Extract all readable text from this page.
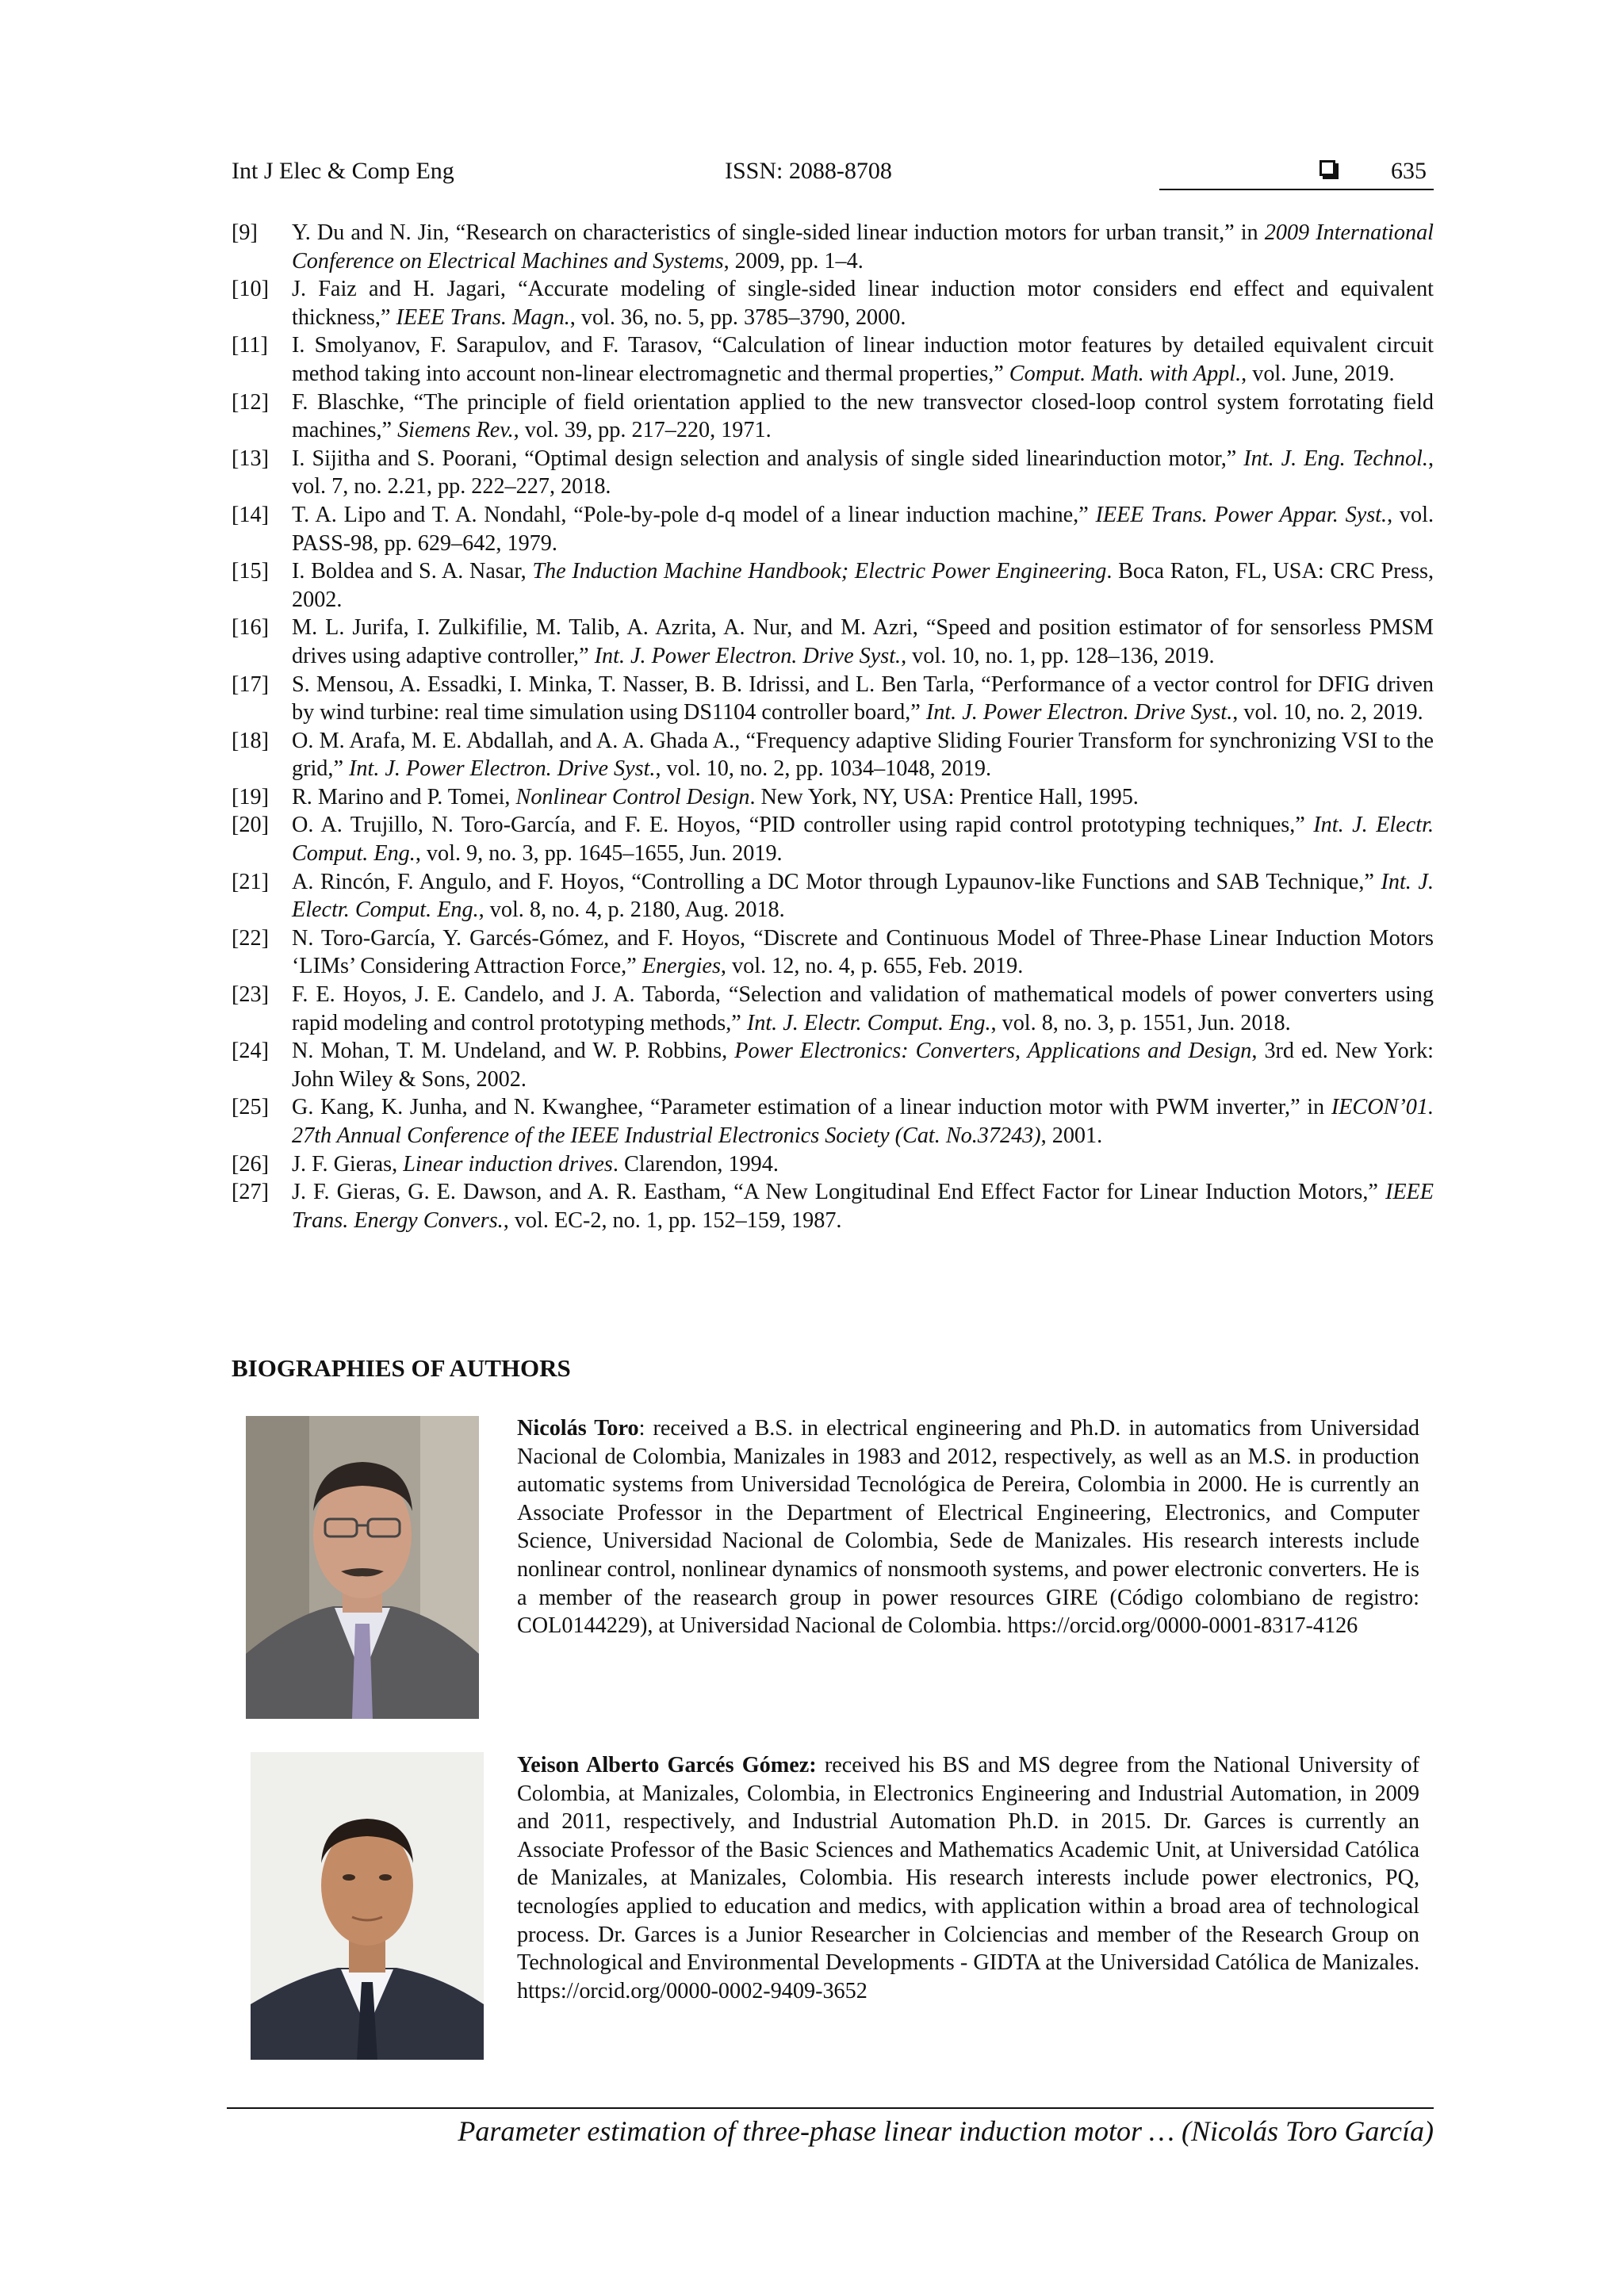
Int J Elec & Comp Eng	ISSN: 2088-8708	635
[9]	Y. Du and N. Jin, “Research on characteristics of single-sided linear induction motors for urban transit,” in 2009 International Conference on Electrical Machines and Systems, 2009, pp. 1–4.
[10]	J. Faiz and H. Jagari, “Accurate modeling of single-sided linear induction motor considers end effect and equivalent thickness,” IEEE Trans. Magn., vol. 36, no. 5, pp. 3785–3790, 2000.
[11]	I. Smolyanov, F. Sarapulov, and F. Tarasov, “Calculation of linear induction motor features by detailed equivalent circuit method taking into account non-linear electromagnetic and thermal properties,” Comput. Math. with Appl., vol. June, 2019.
[12]	F. Blaschke, “The principle of field orientation applied to the new transvector closed-loop control system forrotating field machines,” Siemens Rev., vol. 39, pp. 217–220, 1971.
[13]	I. Sijitha and S. Poorani, “Optimal design selection and analysis of single sided linearinduction motor,” Int. J. Eng. Technol., vol. 7, no. 2.21, pp. 222–227, 2018.
[14]	T. A. Lipo and T. A. Nondahl, “Pole-by-pole d-q model of a linear induction machine,” IEEE Trans. Power Appar. Syst., vol. PASS-98, pp. 629–642, 1979.
[15]	I. Boldea and S. A. Nasar, The Induction Machine Handbook; Electric Power Engineering. Boca Raton, FL, USA: CRC Press, 2002.
[16]	M. L. Jurifa, I. Zulkifilie, M. Talib, A. Azrita, A. Nur, and M. Azri, “Speed and position estimator of for sensorless PMSM drives using adaptive controller,” Int. J. Power Electron. Drive Syst., vol. 10, no. 1, pp. 128–136, 2019.
[17]	S. Mensou, A. Essadki, I. Minka, T. Nasser, B. B. Idrissi, and L. Ben Tarla, “Performance of a vector control for DFIG driven by wind turbine: real time simulation using DS1104 controller board,” Int. J. Power Electron. Drive Syst., vol. 10, no. 2, 2019.
[18]	O. M. Arafa, M. E. Abdallah, and A. A. Ghada A., “Frequency adaptive Sliding Fourier Transform for synchronizing VSI to the grid,” Int. J. Power Electron. Drive Syst., vol. 10, no. 2, pp. 1034–1048, 2019.
[19]	R. Marino and P. Tomei, Nonlinear Control Design. New York, NY, USA: Prentice Hall, 1995.
[20]	O. A. Trujillo, N. Toro-García, and F. E. Hoyos, “PID controller using rapid control prototyping techniques,” Int. J. Electr. Comput. Eng., vol. 9, no. 3, pp. 1645–1655, Jun. 2019.
[21]	A. Rincón, F. Angulo, and F. Hoyos, “Controlling a DC Motor through Lypaunov-like Functions and SAB Technique,” Int. J. Electr. Comput. Eng., vol. 8, no. 4, p. 2180, Aug. 2018.
[22]	N. Toro-García, Y. Garcés-Gómez, and F. Hoyos, “Discrete and Continuous Model of Three-Phase Linear Induction Motors ‘LIMs’ Considering Attraction Force,” Energies, vol. 12, no. 4, p. 655, Feb. 2019.
[23]	F. E. Hoyos, J. E. Candelo, and J. A. Taborda, “Selection and validation of mathematical models of power converters using rapid modeling and control prototyping methods,” Int. J. Electr. Comput. Eng., vol. 8, no. 3, p. 1551, Jun. 2018.
[24]	N. Mohan, T. M. Undeland, and W. P. Robbins, Power Electronics: Converters, Applications and Design, 3rd ed. New York: John Wiley & Sons, 2002.
[25]	G. Kang, K. Junha, and N. Kwanghee, “Parameter estimation of a linear induction motor with PWM inverter,” in IECON’01. 27th Annual Conference of the IEEE Industrial Electronics Society (Cat. No.37243), 2001.
[26]	J. F. Gieras, Linear induction drives. Clarendon, 1994.
[27]	J. F. Gieras, G. E. Dawson, and A. R. Eastham, “A New Longitudinal End Effect Factor for Linear Induction Motors,” IEEE Trans. Energy Convers., vol. EC-2, no. 1, pp. 152–159, 1987.
BIOGRAPHIES OF AUTHORS
Nicolás Toro: received a B.S. in electrical engineering and Ph.D. in automatics from Universidad Nacional de Colombia, Manizales in 1983 and 2012, respectively, as well as an M.S. in production automatic systems from Universidad Tecnológica de Pereira, Colombia in 2000. He is currently an Associate Professor in the Department of Electrical Engineering, Electronics, and Computer Science, Universidad Nacional de Colombia, Sede de Manizales. His research interests include nonlinear control, nonlinear dynamics of nonsmooth systems, and power electronic converters. He is a member of the reasearch group in power resources GIRE (Código colombiano de registro: COL0144229), at Universidad Nacional de Colombia. https://orcid.org/0000-0001-8317-4126
Yeison Alberto Garcés Gómez: received his BS and MS degree from the National University of Colombia, at Manizales, Colombia, in Electronics Engineering and Industrial Automation, in 2009 and 2011, respectively, and Industrial Automation Ph.D. in 2015. Dr. Garces is currently an Associate Professor of the Basic Sciences and Mathematics Academic Unit, at Universidad Católica de Manizales, at Manizales, Colombia. His research interests include power electronics, PQ, tecnologíes applied to education and medics, with application within a broad area of technological process. Dr. Garces is a Junior Researcher in Colciencias and member of the Research Group on Technological and Environmental Developments - GIDTA at the Universidad Católica de Manizales. https://orcid.org/0000-0002-9409-3652
Parameter estimation of three-phase linear induction motor … (Nicolás Toro García)
